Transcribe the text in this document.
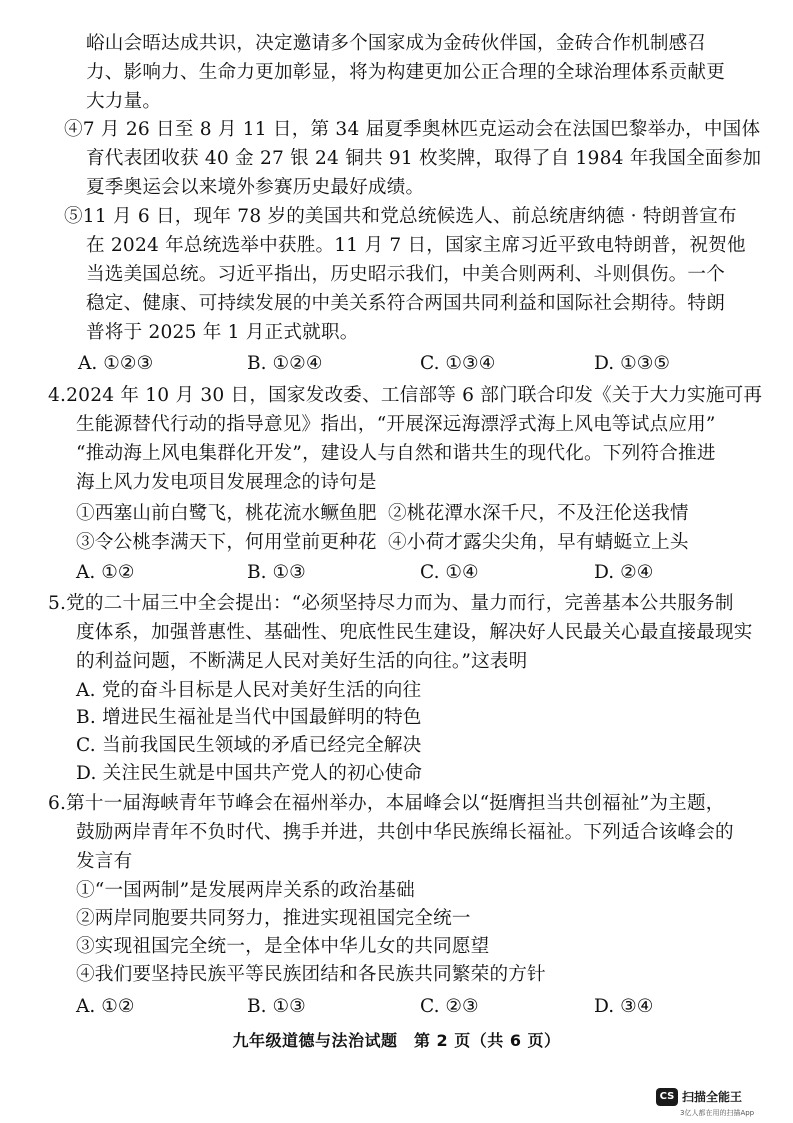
峪山会晤达成共识，决定邀请多个国家成为金砖伙伴国，金砖合作机制感召
力、影响力、生命力更加彰显，将为构建更加公正合理的全球治理体系贡献更
大力量。
④7 月 26 日至 8 月 11 日，第 34 届夏季奥林匹克运动会在法国巴黎举办，中国体
育代表团收获 40 金 27 银 24 铜共 91 枚奖牌，取得了自 1984 年我国全面参加
夏季奥运会以来境外参赛历史最好成绩。
⑤11 月 6 日，现年 78 岁的美国共和党总统候选人、前总统唐纳德 · 特朗普宣布
在 2024 年总统选举中获胜。11 月 7 日，国家主席习近平致电特朗普，祝贺他
当选美国总统。习近平指出，历史昭示我们，中美合则两利、斗则俱伤。一个
稳定、健康、可持续发展的中美关系符合两国共同利益和国际社会期待。特朗
普将于 2025 年 1 月正式就职。
A. ①②③	B. ①②④	C. ①③④	D. ①③⑤
4.2024 年 10 月 30 日，国家发改委、工信部等 6 部门联合印发《关于大力实施可再
生能源替代行动的指导意见》指出，“开展深远海漂浮式海上风电等试点应用”
“推动海上风电集群化开发”，建设人与自然和谐共生的现代化。下列符合推进
海上风力发电项目发展理念的诗句是
①西塞山前白鹭飞，桃花流水鳜鱼肥 ②桃花潭水深千尺，不及汪伦送我情
③令公桃李满天下，何用堂前更种花 ④小荷才露尖尖角，早有蜻蜓立上头
A. ①②	B. ①③	C. ①④	D. ②④
5.党的二十届三中全会提出：“必须坚持尽力而为、量力而行，完善基本公共服务制
度体系，加强普惠性、基础性、兜底性民生建设，解决好人民最关心最直接最现实
的利益问题，不断满足人民对美好生活的向往。”这表明
A. 党的奋斗目标是人民对美好生活的向往
B. 增进民生福祉是当代中国最鲜明的特色
C. 当前我国民生领域的矛盾已经完全解决
D. 关注民生就是中国共产党人的初心使命
6.第十一届海峡青年节峰会在福州举办，本届峰会以“挺膺担当共创福祉”为主题，
鼓励两岸青年不负时代、携手并进，共创中华民族绵长福祉。下列适合该峰会的
发言有
①“一国两制”是发展两岸关系的政治基础
②两岸同胞要共同努力，推进实现祖国完全统一
③实现祖国完全统一，是全体中华儿女的共同愿望
④我们要坚持民族平等民族团结和各民族共同繁荣的方针
A. ①②	B. ①③	C. ②③	D. ③④
九年级道德与法治试题　第 2 页（共 6 页）
CS 扫描全能王
3亿人都在用的扫描App
